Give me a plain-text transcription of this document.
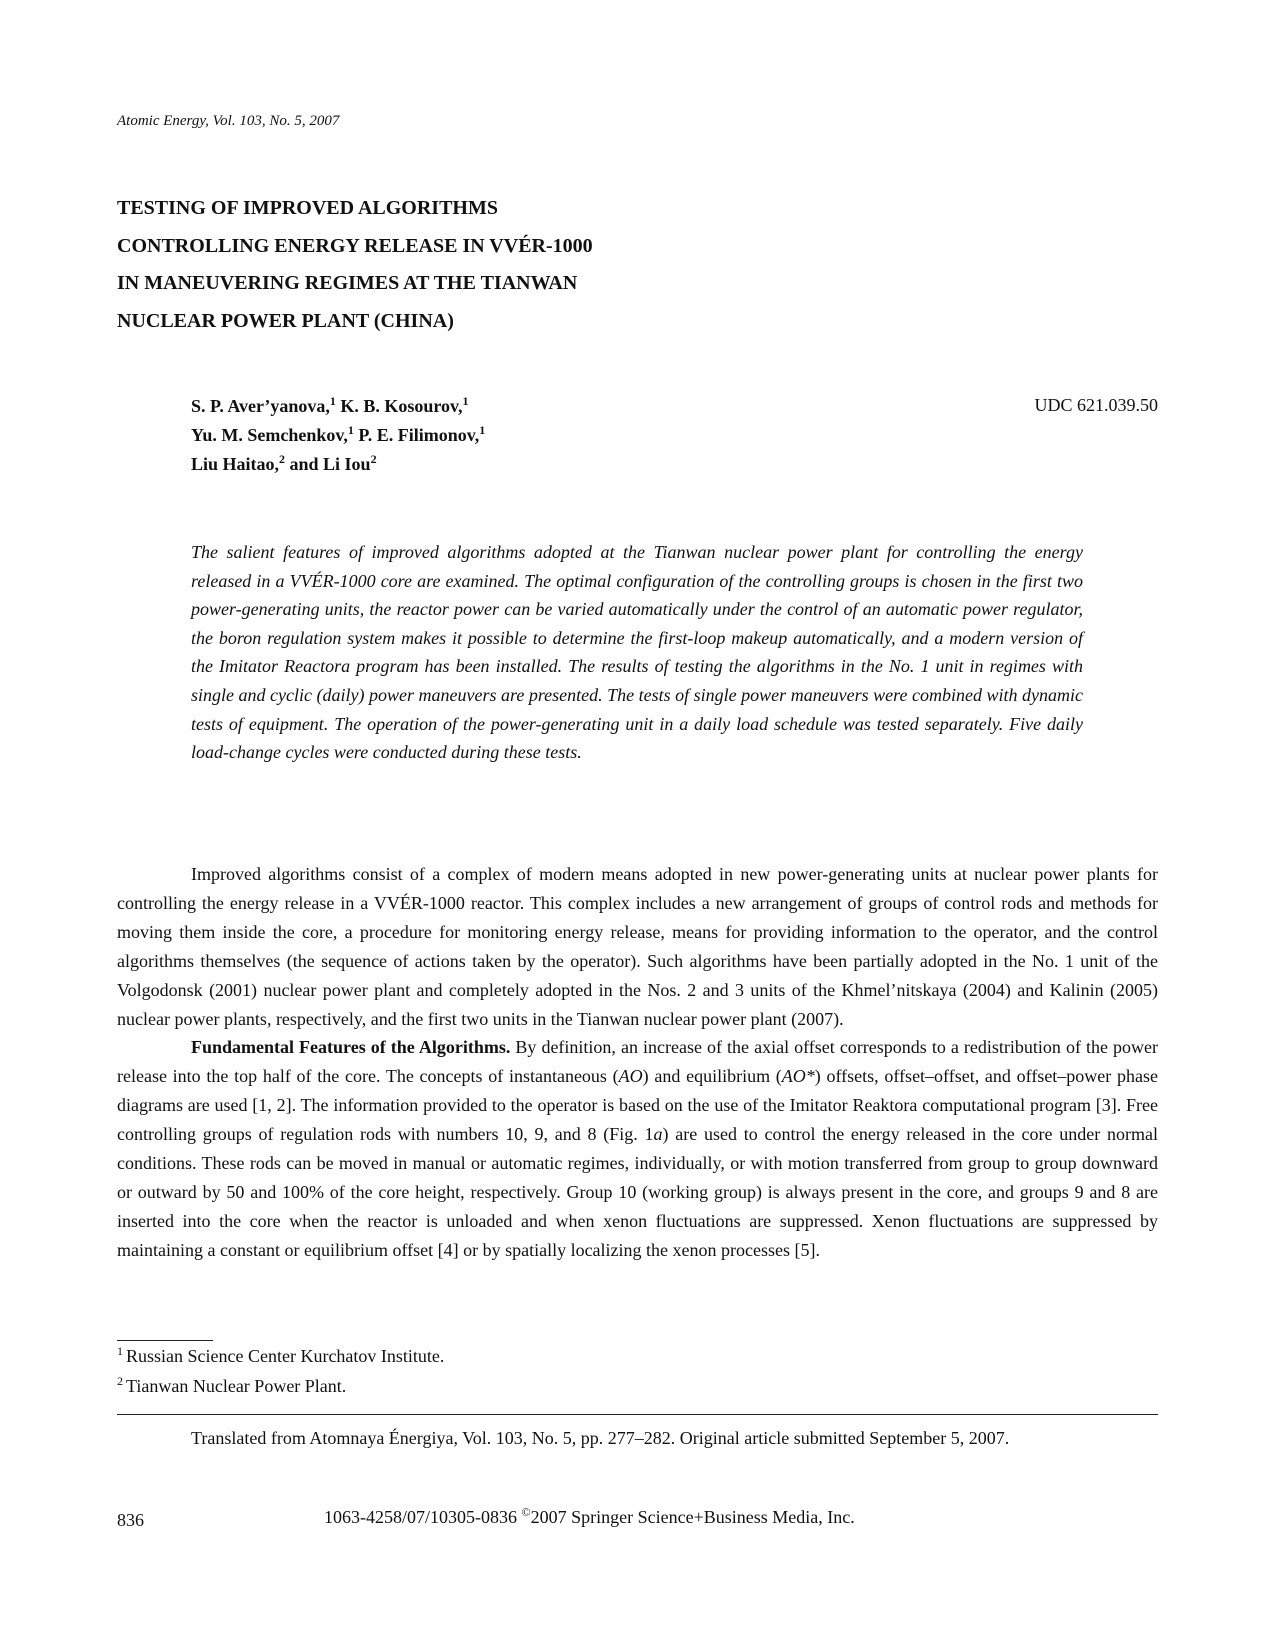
Atomic Energy, Vol. 103, No. 5, 2007
TESTING OF IMPROVED ALGORITHMS
CONTROLLING ENERGY RELEASE IN VVÉR-1000
IN MANEUVERING REGIMES AT THE TIANWAN
NUCLEAR POWER PLANT (CHINA)
S. P. Aver’yanova,$^1$ K. B. Kosourov,$^1$
Yu. M. Semchenkov,$^1$ P. E. Filimonov,$^1$
Liu Haitao,$^2$ and Li Iou$^2$
UDC 621.039.50

The salient features of improved algorithms adopted at the Tianwan nuclear power plant for controlling the energy released in a VVÉR-1000 core are examined. The optimal configuration of the controlling groups is chosen in the first two power-generating units, the reactor power can be varied automatically under the control of an automatic power regulator, the boron regulation system makes it possible to determine the first-loop makeup automatically, and a modern version of the Imitator Reactora program has been installed. The results of testing the algorithms in the No. 1 unit in regimes with single and cyclic (daily) power maneuvers are presented. The tests of single power maneuvers were combined with dynamic tests of equipment. The operation of the power-generating unit in a daily load schedule was tested separately. Five daily load-change cycles were conducted during these tests.

Improved algorithms consist of a complex of modern means adopted in new power-generating units at nuclear power plants for controlling the energy release in a VVÉR-1000 reactor. This complex includes a new arrangement of groups of control rods and methods for moving them inside the core, a procedure for monitoring energy release, means for providing information to the operator, and the control algorithms themselves (the sequence of actions taken by the operator). Such algorithms have been partially adopted in the No. 1 unit of the Volgodonsk (2001) nuclear power plant and completely adopted in the Nos. 2 and 3 units of the Khmel’nitskaya (2004) and Kalinin (2005) nuclear power plants, respectively, and the first two units in the Tianwan nuclear power plant (2007).

Fundamental Features of the Algorithms. By definition, an increase of the axial offset corresponds to a redistribution of the power release into the top half of the core. The concepts of instantaneous (AO) and equilibrium (AO*) offsets, offset–offset, and offset–power phase diagrams are used [1, 2]. The information provided to the operator is based on the use of the Imitator Reaktora computational program [3]. Free controlling groups of regulation rods with numbers 10, 9, and 8 (Fig. 1a) are used to control the energy released in the core under normal conditions. These rods can be moved in manual or automatic regimes, individually, or with motion transferred from group to group downward or outward by 50 and 100% of the core height, respectively. Group 10 (working group) is always present in the core, and groups 9 and 8 are inserted into the core when the reactor is unloaded and when xenon fluctuations are suppressed. Xenon fluctuations are suppressed by maintaining a constant or equilibrium offset [4] or by spatially localizing the xenon processes [5].

$^1$ Russian Science Center Kurchatov Institute.
$^2$ Tianwan Nuclear Power Plant.
Translated from Atomnaya Énergiya, Vol. 103, No. 5, pp. 277–282. Original article submitted September 5, 2007.
836	1063-4258/07/10305-0836 ©2007 Springer Science+Business Media, Inc.
